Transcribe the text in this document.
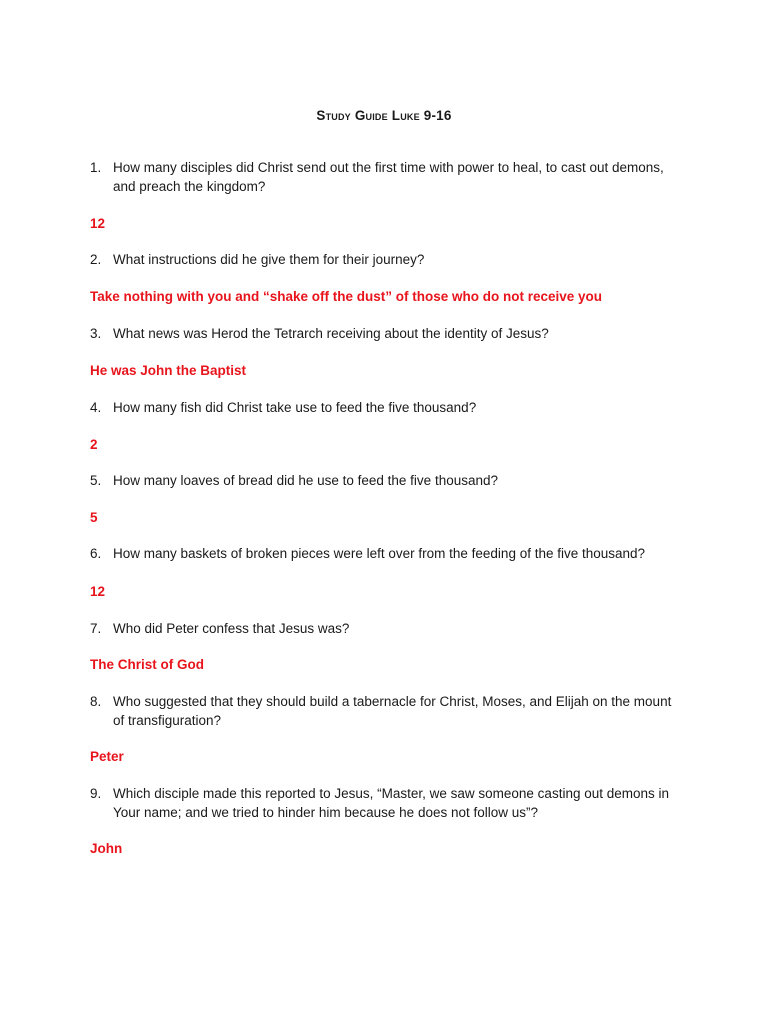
Study Guide Luke 9-16
1. How many disciples did Christ send out the first time with power to heal, to cast out demons, and preach the kingdom?
12
2. What instructions did he give them for their journey?
Take nothing with you and “shake off the dust” of those who do not receive you
3. What news was Herod the Tetrarch receiving about the identity of Jesus?
He was John the Baptist
4. How many fish did Christ take use to feed the five thousand?
2
5. How many loaves of bread did he use to feed the five thousand?
5
6. How many baskets of broken pieces were left over from the feeding of the five thousand?
12
7. Who did Peter confess that Jesus was?
The Christ of God
8. Who suggested that they should build a tabernacle for Christ, Moses, and Elijah on the mount of transfiguration?
Peter
9. Which disciple made this reported to Jesus, “Master, we saw someone casting out demons in Your name; and we tried to hinder him because he does not follow us”?
John
